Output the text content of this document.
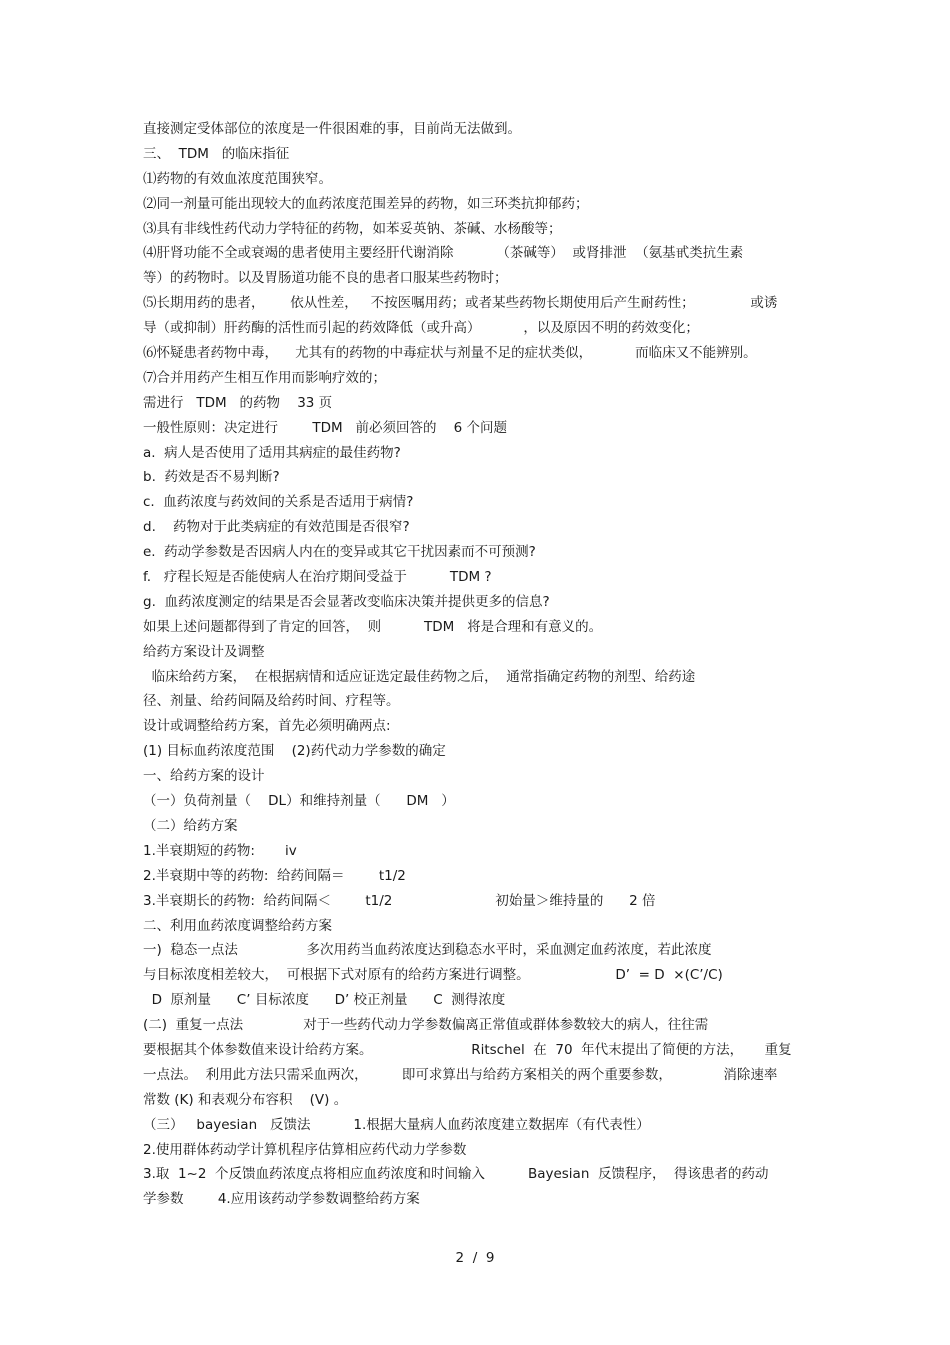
直接测定受体部位的浓度是一件很困难的事，目前尚无法做到。
三、  TDM   的临床指征
⑴药物的有效血浓度范围狭窄。
⑵同一剂量可能出现较大的血药浓度范围差异的药物，如三环类抗抑郁药；
⑶具有非线性药代动力学特征的药物，如苯妥英钠、茶碱、水杨酸等；
⑷肝肾功能不全或衰竭的患者使用主要经肝代谢消除          （茶碱等）  或肾排泄  （氨基甙类抗生素
等）的药物时。以及胃肠道功能不良的患者口服某些药物时；
⑸长期用药的患者，      依从性差，   不按医嘱用药；或者某些药物长期使用后产生耐药性；             或诱
导（或抑制）肝药酶的活性而引起的药效降低（或升高）          ，以及原因不明的药效变化；
⑹怀疑患者药物中毒，    尤其有的药物的中毒症状与剂量不足的症状类似，          而临床又不能辨别。
⑺合并用药产生相互作用而影响疗效的；
需进行   TDM   的药物    33 页
一般性原则：决定进行        TDM   前必须回答的    6 个问题
a.  病人是否使用了适用其病症的最佳药物?
b.  药效是否不易判断?
c.  血药浓度与药效间的关系是否适用于病情?
d.    药物对于此类病症的有效范围是否很窄?
e.  药动学参数是否因病人内在的变异或其它干扰因素而不可预测?
f.   疗程长短是否能使病人在治疗期间受益于          TDM ?
g.  血药浓度测定的结果是否会显著改变临床决策并提供更多的信息?
如果上述问题都得到了肯定的回答，  则          TDM   将是合理和有意义的。
给药方案设计及调整
临床给药方案，  在根据病情和适应证选定最佳药物之后，  通常指确定药物的剂型、给药途
径、剂量、给药间隔及给药时间、疗程等。
设计或调整给药方案，首先必须明确两点:
(1) 目标血药浓度范围    (2)药代动力学参数的确定
一、给药方案的设计
（一）负荷剂量（    DL）和维持剂量（      DM   ）
（二）给药方案
1.半衰期短的药物:       iv
2.半衰期中等的药物:  给药间隔＝        t1/2
3.半衰期长的药物:  给药间隔＜        t1/2                        初始量＞维持量的      2 倍
二、利用血药浓度调整给药方案
一)  稳态一点法                多次用药当血药浓度达到稳态水平时，采血测定血药浓度，若此浓度
与目标浓度相差较大，  可根据下式对原有的给药方案进行调整。                    D’  = D  ×(C’/C)
D  原剂量      C’ 目标浓度      D’ 校正剂量      C  测得浓度
(二)  重复一点法              对于一些药代动力学参数偏离正常值或群体参数较大的病人，往往需
要根据其个体参数值来设计给药方案。                       Ritschel  在  70  年代末提出了简便的方法，     重复
一点法。  利用此方法只需采血两次，        即可求算出与给药方案相关的两个重要参数，            消除速率
常数 (K) 和表观分布容积    (V) 。
（三）   bayesian   反馈法          1.根据大量病人血药浓度建立数据库（有代表性）
2.使用群体药动学计算机程序估算相应药代动力学参数
3.取  1~2  个反馈血药浓度点将相应血药浓度和时间输入          Bayesian  反馈程序，  得该患者的药动
学参数        4.应用该药动学参数调整给药方案
2  /  9
